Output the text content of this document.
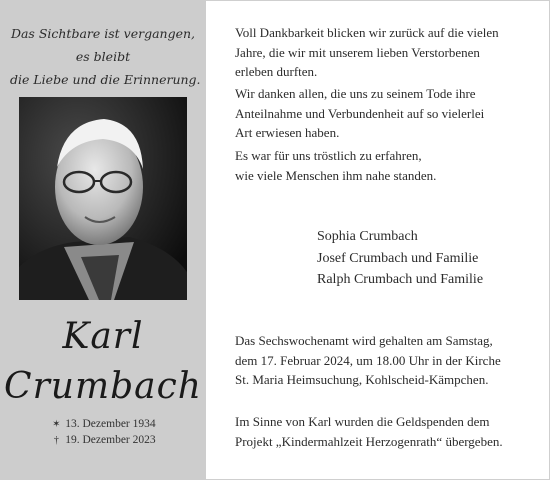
Das Sichtbare ist vergangen,
es bleibt
die Liebe und die Erinnerung.
Karl
Crumbach
✶ 13. Dezember 1934
† 19. Dezember 2023
Voll Dankbarkeit blicken wir zurück auf die vielen
Jahre, die wir mit unserem lieben Verstorbenen
erleben durften.
Wir danken allen, die uns zu seinem Tode ihre
Anteilnahme und Verbundenheit auf so vielerlei
Art erwiesen haben.
Es war für uns tröstlich zu erfahren,
wie viele Menschen ihm nahe standen.
Das Sechswochenamt wird gehalten am Samstag,
dem 17. Februar 2024, um 18.00 Uhr in der Kirche
St. Maria Heimsuchung, Kohlscheid-Kämpchen.
Im Sinne von Karl wurden die Geldspenden dem
Projekt „Kindermahlzeit Herzogenrath“ übergeben.
Sophia Crumbach
Josef Crumbach und Familie
Ralph Crumbach und Familie
